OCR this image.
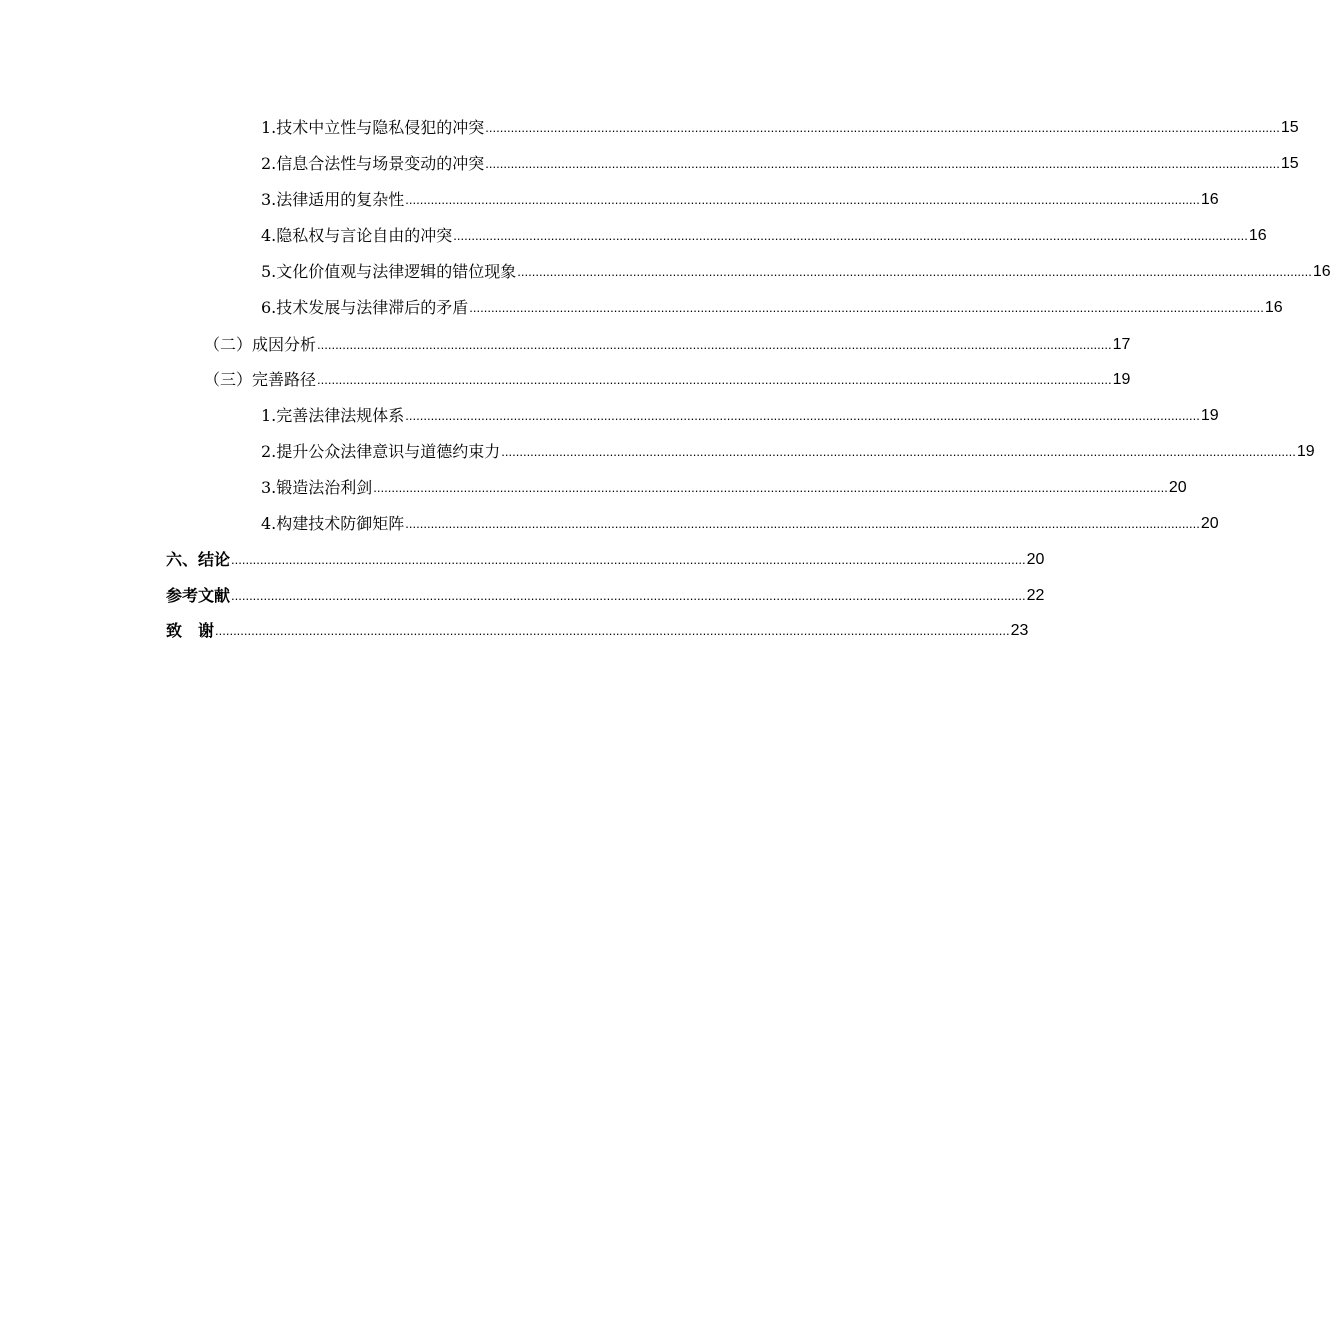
1.技术中立性与隐私侵犯的冲突 ............................................................................................................................................................................................................................ 15
2.信息合法性与场景变动的冲突 ............................................................................................................................................................................................................................ 15
3.法律适用的复杂性 ............................................................................................................................................................................................................................ 16
4.隐私权与言论自由的冲突 ............................................................................................................................................................................................................................ 16
5.文化价值观与法律逻辑的错位现象 ............................................................................................................................................................................................................................ 16
6.技术发展与法律滞后的矛盾 ............................................................................................................................................................................................................................ 16
（二）成因分析 ............................................................................................................................................................................................................................ 17
（三）完善路径 ............................................................................................................................................................................................................................ 19
1.完善法律法规体系 ............................................................................................................................................................................................................................ 19
2.提升公众法律意识与道德约束力 ............................................................................................................................................................................................................................ 19
3.锻造法治利剑 ............................................................................................................................................................................................................................ 20
4.构建技术防御矩阵 ............................................................................................................................................................................................................................ 20
六、结论 ............................................................................................................................................................................................................................ 20
参考文献 ............................................................................................................................................................................................................................ 22
致　谢 ............................................................................................................................................................................................................................ 23
